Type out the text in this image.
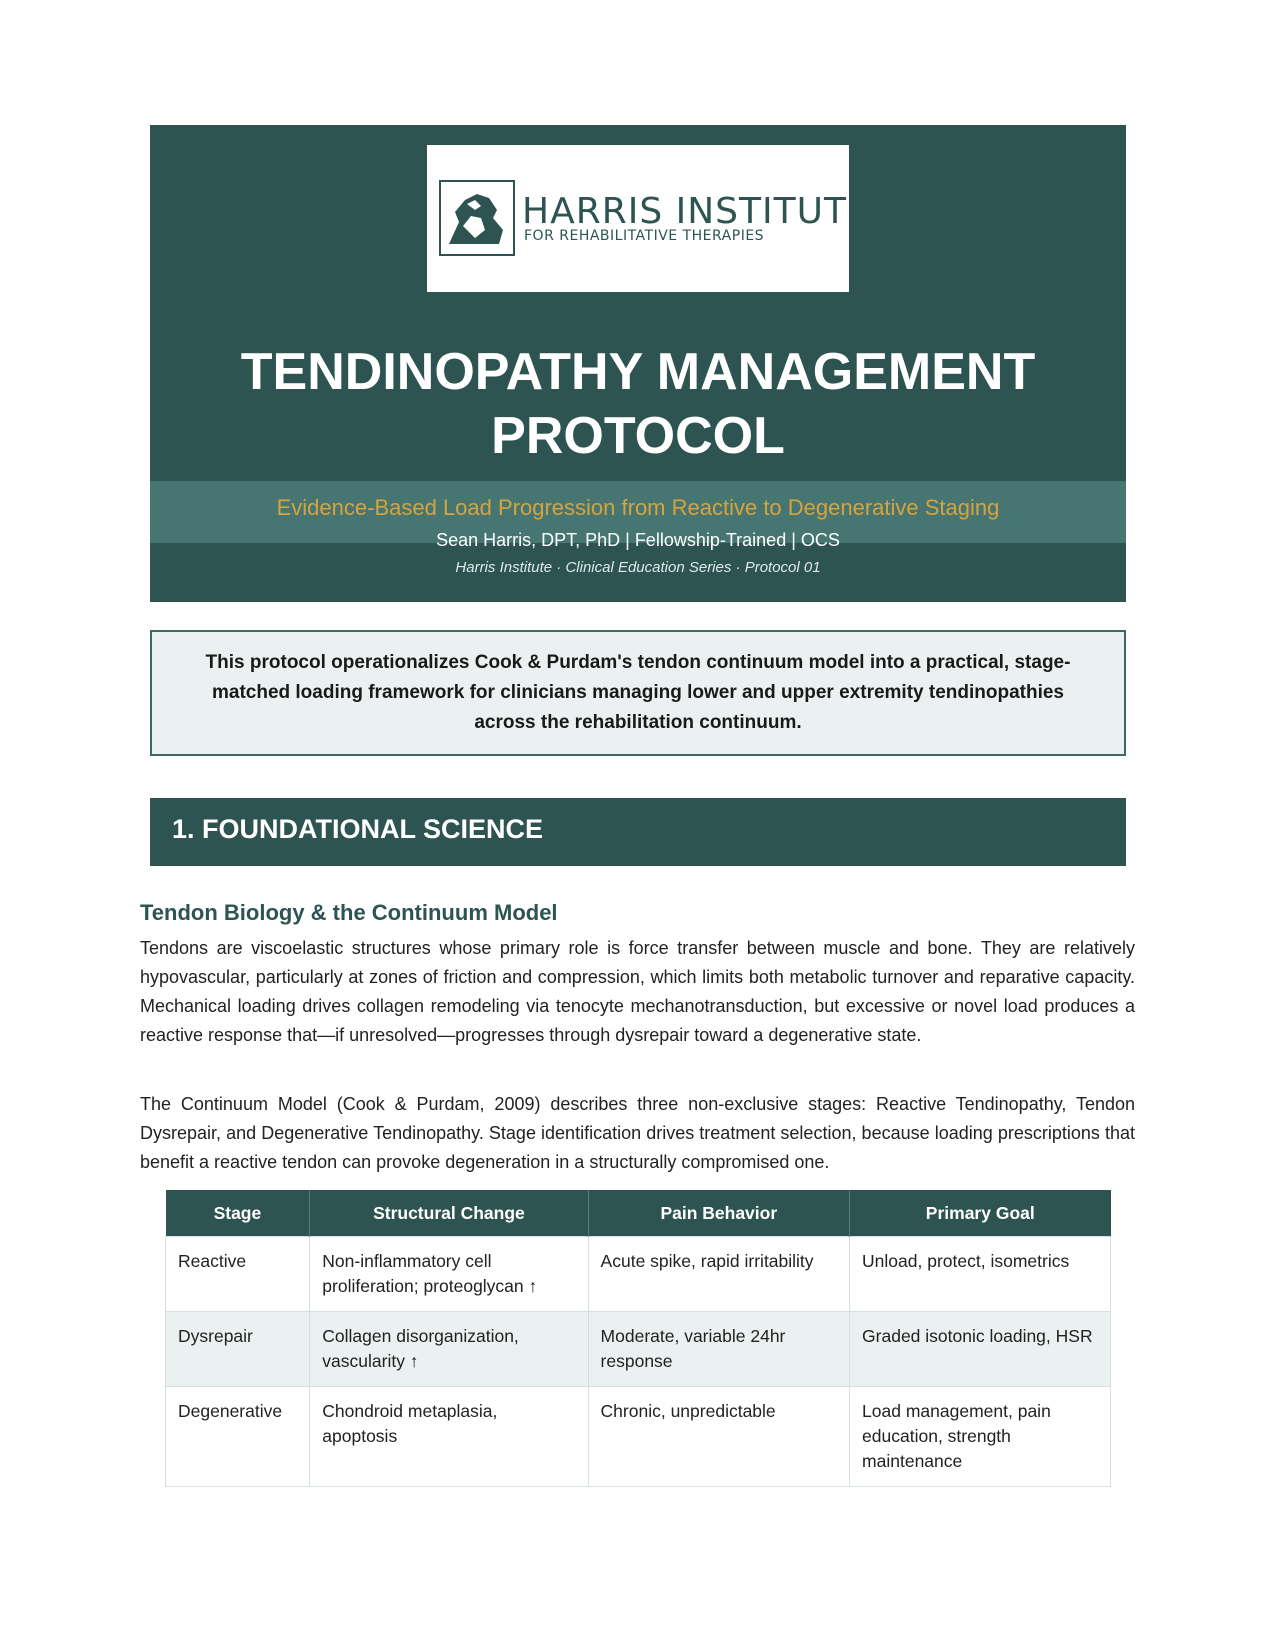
HARRIS INSTITUTE
FOR REHABILITATIVE THERAPIES
TENDINOPATHY MANAGEMENT
PROTOCOL
Evidence-Based Load Progression from Reactive to Degenerative Staging
Sean Harris, DPT, PhD | Fellowship-Trained | OCS
Harris Institute · Clinical Education Series · Protocol 01

This protocol operationalizes Cook & Purdam's tendon continuum model into a practical, stage-matched loading framework for clinicians managing lower and upper extremity tendinopathies across the rehabilitation continuum.

1. FOUNDATIONAL SCIENCE
Tendon Biology & the Continuum Model

Tendons are viscoelastic structures whose primary role is force transfer between muscle and bone. They are relatively hypovascular, particularly at zones of friction and compression, which limits both metabolic turnover and reparative capacity. Mechanical loading drives collagen remodeling via tenocyte mechanotransduction, but excessive or novel load produces a reactive response that—if unresolved—progresses through dysrepair toward a degenerative state.

The Continuum Model (Cook & Purdam, 2009) describes three non-exclusive stages: Reactive Tendinopathy, Tendon Dysrepair, and Degenerative Tendinopathy. Stage identification drives treatment selection, because loading prescriptions that benefit a reactive tendon can provoke degeneration in a structurally compromised one.

Stage	Structural Change	Pain Behavior	Primary Goal
Reactive	Non-inflammatory cell proliferation; proteoglycan ↑	Acute spike, rapid irritability	Unload, protect, isometrics
Dysrepair	Collagen disorganization, vascularity ↑	Moderate, variable 24hr response	Graded isotonic loading, HSR
Degenerative	Chondroid metaplasia, apoptosis	Chronic, unpredictable	Load management, pain education, strength maintenance
